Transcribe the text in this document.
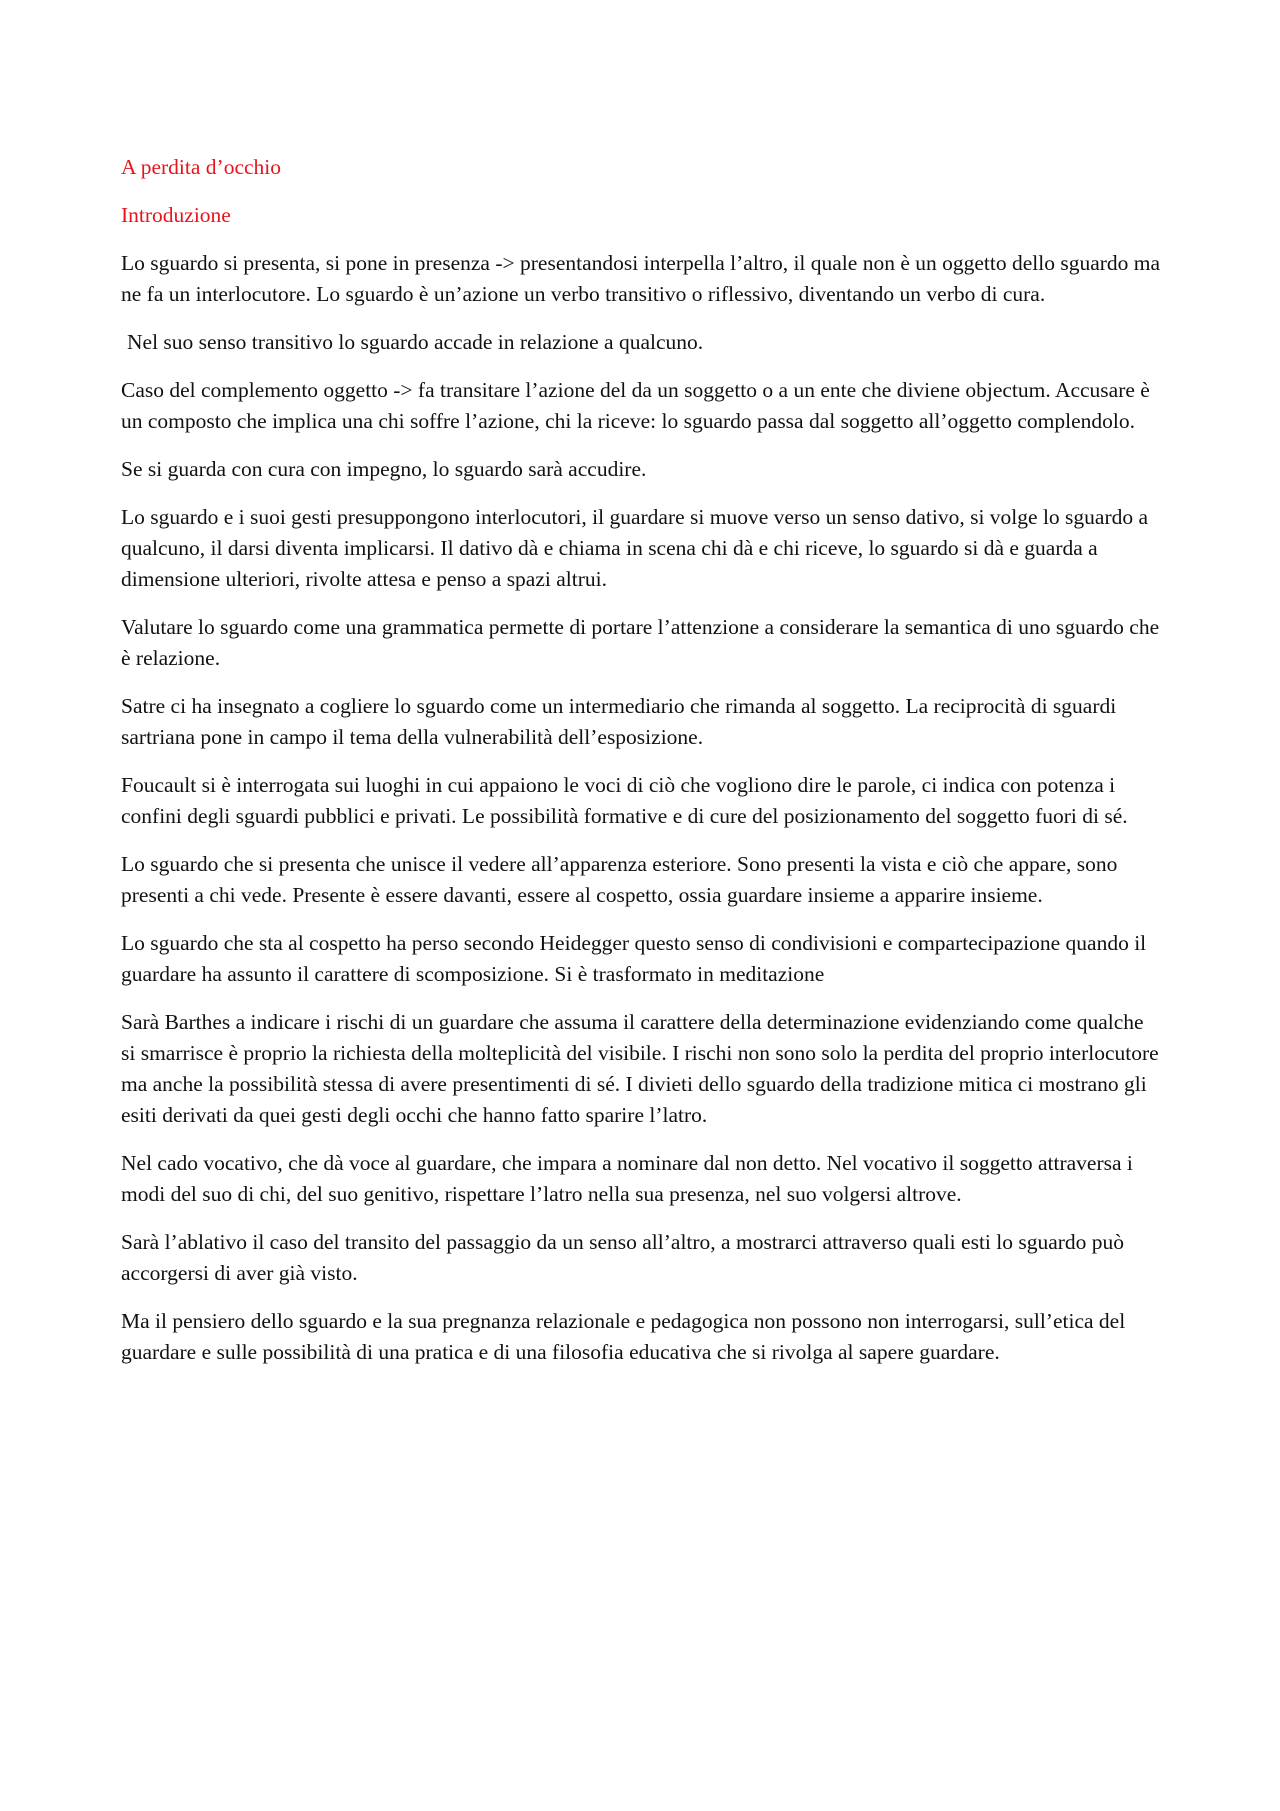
A perdita d’occhio

Introduzione

Lo sguardo si presenta, si pone in presenza -> presentandosi interpella l’altro, il quale non è un oggetto dello sguardo ma ne fa un interlocutore. Lo sguardo è un’azione un verbo transitivo o riflessivo, diventando un verbo di cura.

Nel suo senso transitivo lo sguardo accade in relazione a qualcuno.

Caso del complemento oggetto -> fa transitare l’azione del da un soggetto o a un ente che diviene objectum. Accusare è un composto che implica una chi soffre l’azione, chi la riceve: lo sguardo passa dal soggetto all’oggetto complendolo.

Se si guarda con cura con impegno, lo sguardo sarà accudire.

Lo sguardo e i suoi gesti presuppongono interlocutori, il guardare si muove verso un senso dativo, si volge lo sguardo a qualcuno, il darsi diventa implicarsi. Il dativo dà e chiama in scena chi dà e chi riceve, lo sguardo si dà e guarda a dimensione ulteriori, rivolte attesa e penso a spazi altrui.

Valutare lo sguardo come una grammatica permette di portare l’attenzione a considerare la semantica di uno sguardo che è relazione.

Satre ci ha insegnato a cogliere lo sguardo come un intermediario che rimanda al soggetto. La reciprocità di sguardi sartriana pone in campo il tema della vulnerabilità dell’esposizione.

Foucault si è interrogata sui luoghi in cui appaiono le voci di ciò che vogliono dire le parole, ci indica con potenza i confini degli sguardi pubblici e privati. Le possibilità formative e di cure del posizionamento del soggetto fuori di sé.

Lo sguardo che si presenta che unisce il vedere all’apparenza esteriore. Sono presenti la vista e ciò che appare, sono presenti a chi vede. Presente è essere davanti, essere al cospetto, ossia guardare insieme a apparire insieme.

Lo sguardo che sta al cospetto ha perso secondo Heidegger questo senso di condivisioni e compartecipazione quando il guardare ha assunto il carattere di scomposizione. Si è trasformato in meditazione

Sarà Barthes a indicare i rischi di un guardare che assuma il carattere della determinazione evidenziando come qualche si smarrisce è proprio la richiesta della molteplicità del visibile. I rischi non sono solo la perdita del proprio interlocutore ma anche la possibilità stessa di avere presentimenti di sé. I divieti dello sguardo della tradizione mitica ci mostrano gli esiti derivati da quei gesti degli occhi che hanno fatto sparire l’latro.

Nel cado vocativo, che dà voce al guardare, che impara a nominare dal non detto. Nel vocativo il soggetto attraversa i modi del suo di chi, del suo genitivo, rispettare l’latro nella sua presenza, nel suo volgersi altrove.

Sarà l’ablativo il caso del transito del passaggio da un senso all’altro, a mostrarci attraverso quali esti lo sguardo può accorgersi di aver già visto.

Ma il pensiero dello sguardo e la sua pregnanza relazionale e pedagogica non possono non interrogarsi, sull’etica del guardare e sulle possibilità di una pratica e di una filosofia educativa che si rivolga al sapere guardare.
